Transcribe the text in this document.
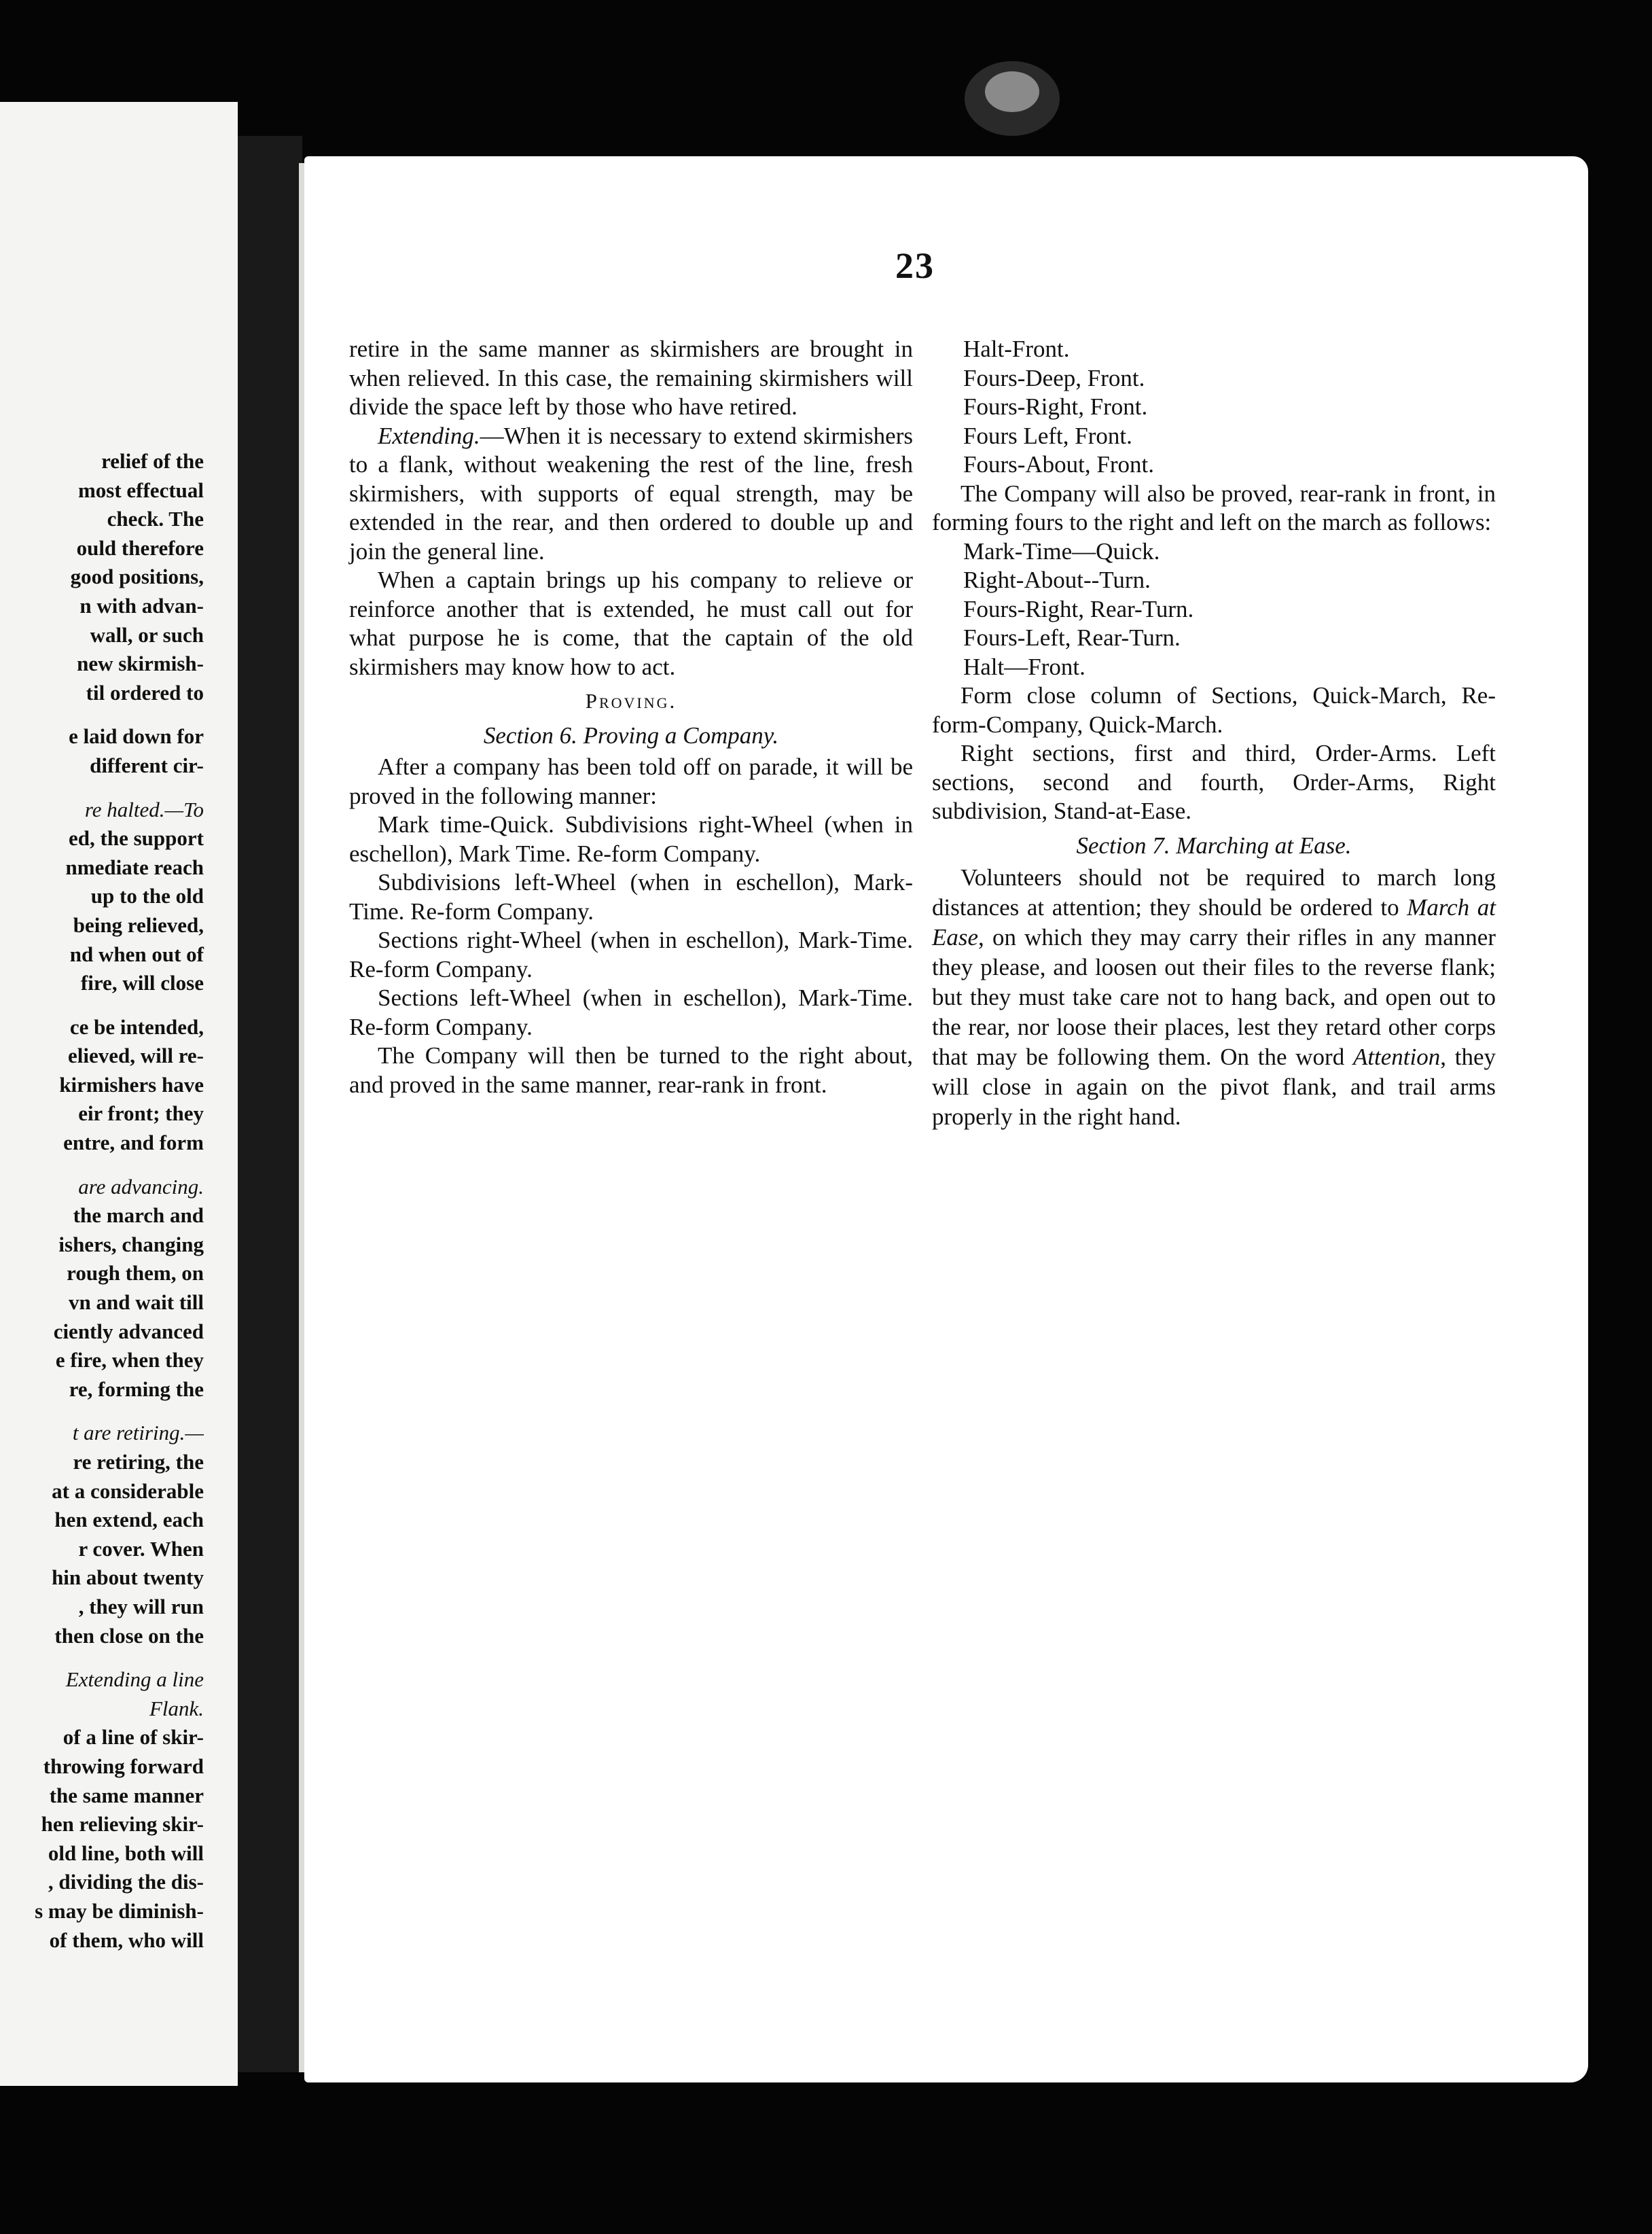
relief of the
most effectual
check. The
ould therefore
good positions,
n with advan-
wall, or such
new skirmish-
til ordered to
e laid down for
different cir-
re halted.—To
ed, the support
nmediate reach
up to the old
being relieved,
nd when out of
fire, will close
ce be intended,
elieved, will re-
kirmishers have
eir front; they
entre, and form
are advancing.
the march and
ishers, changing
rough them, on
vn and wait till
ciently advanced
e fire, when they
re, forming the
t are retiring.—
re retiring, the
at a considerable
hen extend, each
r cover. When
hin about twenty
, they will run
then close on the
Extending a line
Flank.
of a line of skir-
throwing forward
the same manner
hen relieving skir-
old line, both will
, dividing the dis-
s may be diminish-
of them, who will
23

retire in the same manner as skirmishers are brought in when relieved. In this case, the remaining skirmishers will divide the space left by those who have retired.

Extending.—When it is necessary to extend skirmishers to a flank, without weakening the rest of the line, fresh skirmishers, with supports of equal strength, may be extended in the rear, and then ordered to double up and join the general line.

When a captain brings up his company to relieve or reinforce another that is extended, he must call out for what purpose he is come, that the captain of the old skirmishers may know how to act.

Proving.

Section 6. Proving a Company.

After a company has been told off on parade, it will be proved in the following manner:

Mark time-Quick. Subdivisions right-Wheel (when in eschellon), Mark Time. Re-form Company.

Subdivisions left-Wheel (when in eschellon), Mark-Time. Re-form Company.

Sections right-Wheel (when in eschellon), Mark-Time. Re-form Company.

Sections left-Wheel (when in eschellon), Mark-Time. Re-form Company.

The Company will then be turned to the right about, and proved in the same manner, rear-rank in front.

Halt-Front.

Fours-Deep, Front.

Fours-Right, Front.

Fours Left, Front.

Fours-About, Front.

The Company will also be proved, rear-rank in front, in forming fours to the right and left on the march as follows:

Mark-Time—Quick.

Right-About--Turn.

Fours-Right, Rear-Turn.

Fours-Left, Rear-Turn.

Halt—Front.

Form close column of Sections, Quick-March, Re-form-Company, Quick-March.

Right sections, first and third, Order-Arms. Left sections, second and fourth, Order-Arms, Right subdivision, Stand-at-Ease.

Section 7. Marching at Ease.

Volunteers should not be required to march long distances at attention; they should be ordered to March at Ease, on which they may carry their rifles in any manner they please, and loosen out their files to the reverse flank; but they must take care not to hang back, and open out to the rear, nor loose their places, lest they retard other corps that may be following them. On the word Attention, they will close in again on the pivot flank, and trail arms properly in the right hand.
